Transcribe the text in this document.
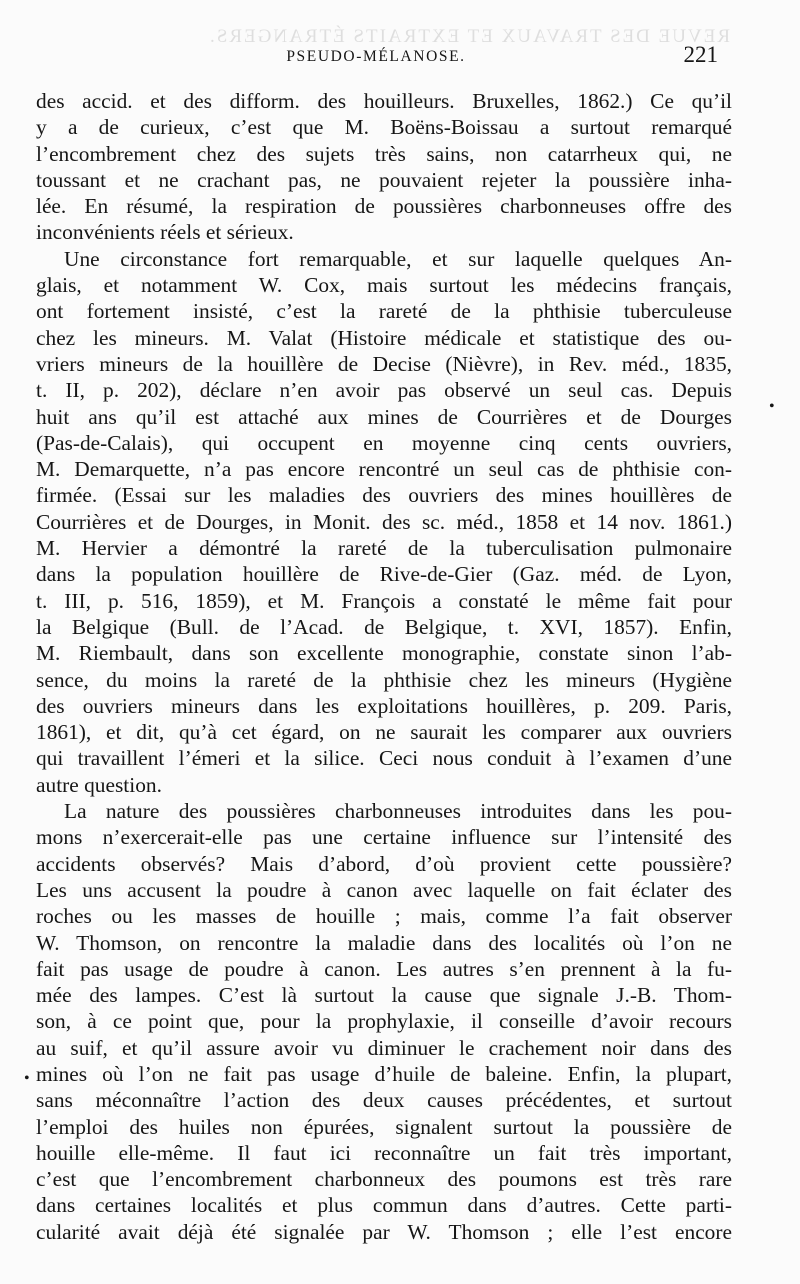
REVUE DES TRAVAUX ET EXTRAITS ÉTRANGERS.
PSEUDO-MÉLANOSE.	221
des accid. et des difform. des houilleurs. Bruxelles, 1862.) Ce qu’il
y a de curieux, c’est que M. Boëns-Boissau a surtout remarqué
l’encombrement chez des sujets très sains, non catarrheux qui, ne
toussant et ne crachant pas, ne pouvaient rejeter la poussière inha-
lée. En résumé, la respiration de poussières charbonneuses offre des
inconvénients réels et sérieux.
Une circonstance fort remarquable, et sur laquelle quelques An-
glais, et notamment W. Cox, mais surtout les médecins français,
ont fortement insisté, c’est la rareté de la phthisie tuberculeuse
chez les mineurs. M. Valat (Histoire médicale et statistique des ou-
vriers mineurs de la houillère de Decise (Nièvre), in Rev. méd., 1835,
t. II, p. 202), déclare n’en avoir pas observé un seul cas. Depuis
huit ans qu’il est attaché aux mines de Courrières et de Dourges
(Pas-de-Calais), qui occupent en moyenne cinq cents ouvriers,
M. Demarquette, n’a pas encore rencontré un seul cas de phthisie con-
firmée. (Essai sur les maladies des ouvriers des mines houillères de
Courrières et de Dourges, in Monit. des sc. méd., 1858 et 14 nov. 1861.)
M. Hervier a démontré la rareté de la tuberculisation pulmonaire
dans la population houillère de Rive-de-Gier (Gaz. méd. de Lyon,
t. III, p. 516, 1859), et M. François a constaté le même fait pour
la Belgique (Bull. de l’Acad. de Belgique, t. XVI, 1857). Enfin,
M. Riembault, dans son excellente monographie, constate sinon l’ab-
sence, du moins la rareté de la phthisie chez les mineurs (Hygiène
des ouvriers mineurs dans les exploitations houillères, p. 209. Paris,
1861), et dit, qu’à cet égard, on ne saurait les comparer aux ouvriers
qui travaillent l’émeri et la silice. Ceci nous conduit à l’examen d’une
autre question.
La nature des poussières charbonneuses introduites dans les pou-
mons n’exercerait-elle pas une certaine influence sur l’intensité des
accidents observés? Mais d’abord, d’où provient cette poussière?
Les uns accusent la poudre à canon avec laquelle on fait éclater des
roches ou les masses de houille ; mais, comme l’a fait observer
W. Thomson, on rencontre la maladie dans des localités où l’on ne
fait pas usage de poudre à canon. Les autres s’en prennent à la fu-
mée des lampes. C’est là surtout la cause que signale J.-B. Thom-
son, à ce point que, pour la prophylaxie, il conseille d’avoir recours
au suif, et qu’il assure avoir vu diminuer le crachement noir dans des
mines où l’on ne fait pas usage d’huile de baleine. Enfin, la plupart,
sans méconnaître l’action des deux causes précédentes, et surtout
l’emploi des huiles non épurées, signalent surtout la poussière de
houille elle-même. Il faut ici reconnaître un fait très important,
c’est que l’encombrement charbonneux des poumons est très rare
dans certaines localités et plus commun dans d’autres. Cette parti-
cularité avait déjà été signalée par W. Thomson ; elle l’est encore
•
•
